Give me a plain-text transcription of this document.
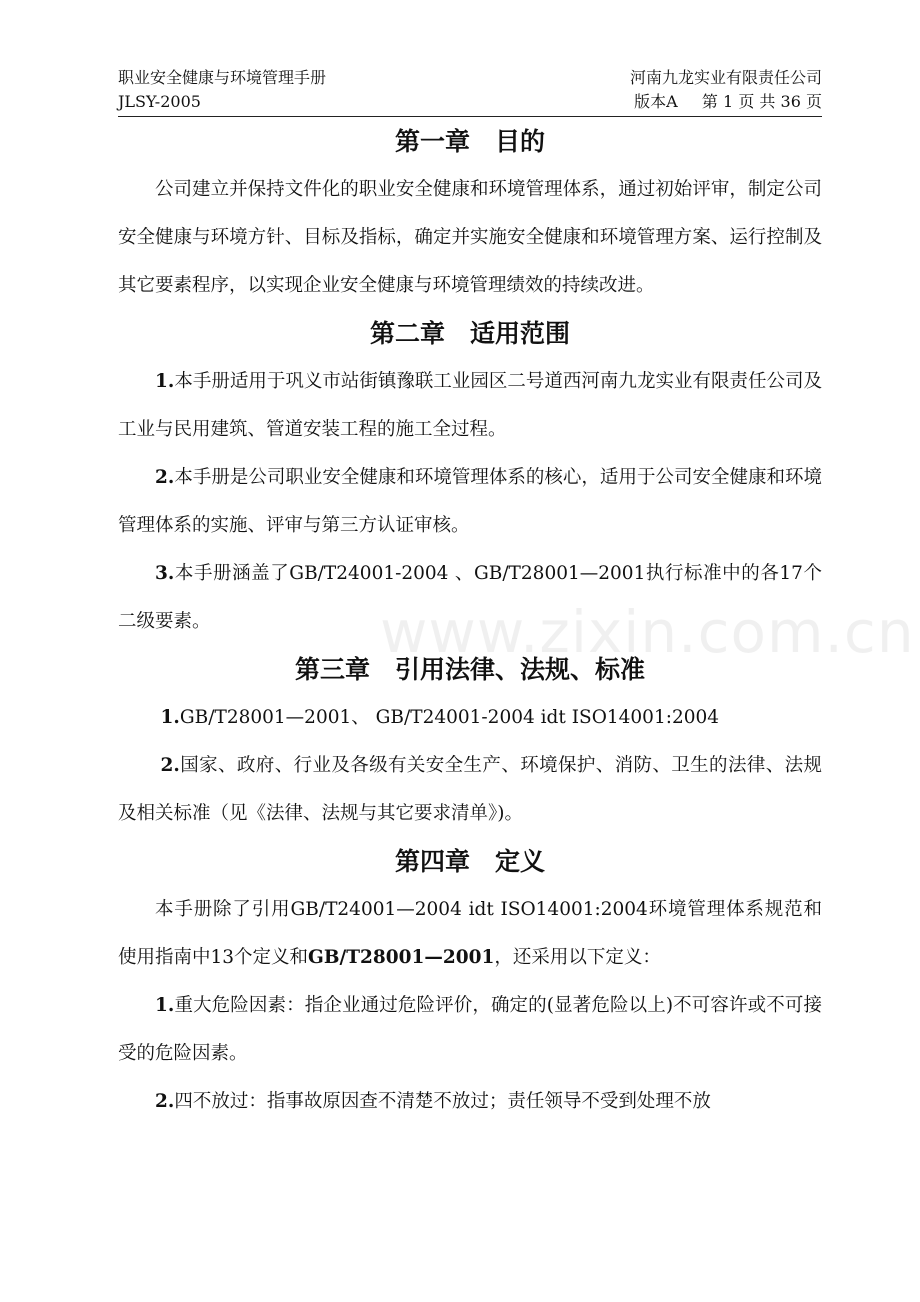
职业安全健康与环境管理手册	河南九龙实业有限责任公司
JLSY-2005	版本A 第 1 页 共 36 页
www.zixin.com.cn
第一章　目的

公司建立并保持文件化的职业安全健康和环境管理体系，通过初始评审，制定公司安全健康与环境方针、目标及指标，确定并实施安全健康和环境管理方案、运行控制及其它要素程序，以实现企业安全健康与环境管理绩效的持续改进。

第二章　适用范围

1.本手册适用于巩义市站街镇豫联工业园区二号道西河南九龙实业有限责任公司及工业与民用建筑、管道安装工程的施工全过程。

2.本手册是公司职业安全健康和环境管理体系的核心，适用于公司安全健康和环境管理体系的实施、评审与第三方认证审核。

3.本手册涵盖了GB/T24001-2004 、GB/T28001—2001执行标准中的各17个二级要素。

第三章　引用法律、法规、标准

1.GB/T28001—2001、 GB/T24001-2004 idt ISO14001:2004

2.国家、政府、行业及各级有关安全生产、环境保护、消防、卫生的法律、法规及相关标准（见《法律、法规与其它要求清单》)。

第四章　定义

本手册除了引用GB/T24001—2004 idt ISO14001:2004环境管理体系规范和使用指南中13个定义和GB/T28001—2001，还采用以下定义：

1.重大危险因素：指企业通过危险评价，确定的(显著危险以上)不可容许或不可接受的危险因素。

2.四不放过：指事故原因查不清楚不放过；责任领导不受到处理不放
